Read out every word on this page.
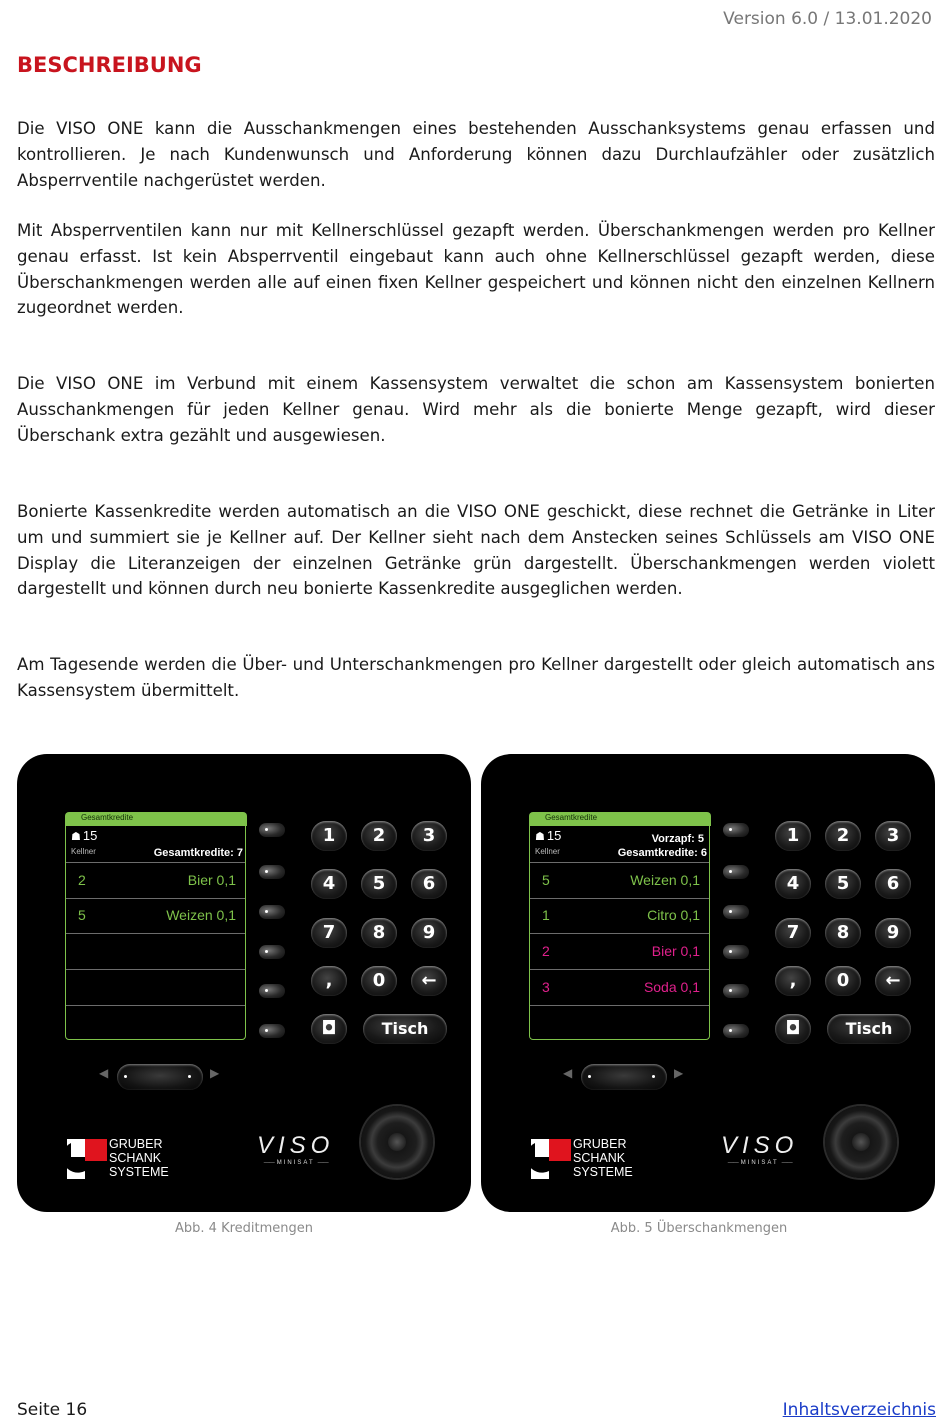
Version 6.0 / 13.01.2020
BESCHREIBUNG

Die VISO ONE kann die Ausschankmengen eines bestehenden Ausschanksystems genau erfassen und kontrollieren. Je nach Kundenwunsch und Anforderung können dazu Durchlaufzähler oder zusätzlich Absperrventile nachgerüstet werden.

Mit Absperrventilen kann nur mit Kellnerschlüssel gezapft werden. Überschankmengen werden pro Kellner genau erfasst. Ist kein Absperrventil eingebaut kann auch ohne Kellnerschlüssel gezapft werden, diese Überschankmengen werden alle auf einen fixen Kellner gespeichert und können nicht den einzelnen Kellnern zugeordnet werden.

Die VISO ONE im Verbund mit einem Kassensystem verwaltet die schon am Kassensystem bonierten Ausschankmengen für jeden Kellner genau. Wird mehr als die bonierte Menge gezapft, wird dieser Überschank extra gezählt und ausgewiesen.

Bonierte Kassenkredite werden automatisch an die VISO ONE geschickt, diese rechnet die Getränke in Liter um und summiert sie je Kellner auf. Der Kellner sieht nach dem Anstecken seines Schlüssels am VISO ONE Display die Literanzeigen der einzelnen Getränke grün dargestellt. Überschankmengen werden violett dargestellt und können durch neu bonierte Kassenkredite ausgeglichen werden.

Am Tagesende werden die Über- und Unterschankmengen pro Kellner dargestellt oder gleich automatisch ans Kassensystem übermittelt.

Gesamtkredite
☗ 15
Kellner	Gesamtkredite: 7
2	Bier 0,1
5	Weizen 0,1
1	2	3
4	5	6
7	8	9
,	0	←
◘	Tisch
◀	▶
GRUBER
SCHANK
SYSTEME
VISO
—— MINISAT ——
Gesamtkredite
☗ 15
Kellner
Vorzapf: 5
Gesamtkredite: 6
5	Weizen 0,1
1	Citro 0,1
2	Bier 0,1
3	Soda 0,1
1	2	3
4	5	6
7	8	9
,	0	←
◘	Tisch
◀	▶
GRUBER
SCHANK
SYSTEME
VISO
—— MINISAT ——
Abb. 4 Kreditmengen	Abb. 5 Überschankmengen
Seite 16	Inhaltsverzeichnis
